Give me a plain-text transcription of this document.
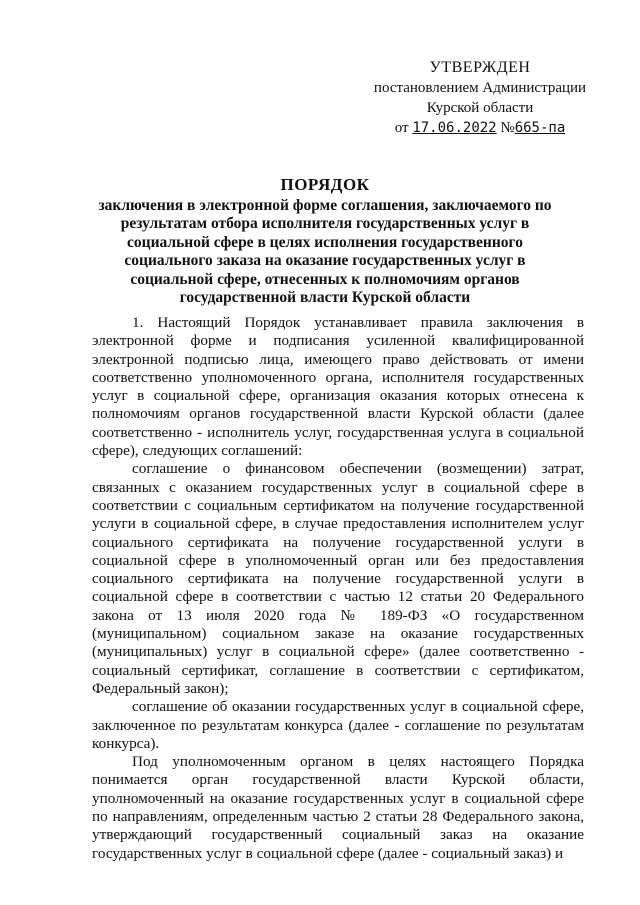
УТВЕРЖДЕН
постановлением Администрации
Курской области
от 17.06.2022 №665-па
ПОРЯДОК
заключения в электронной форме соглашения, заключаемого по результатам отбора исполнителя государственных услуг в социальной сфере в целях исполнения государственного социального заказа на оказание государственных услуг в социальной сфере, отнесенных к полномочиям органов государственной власти Курской области

1. Настоящий Порядок устанавливает правила заключения в электронной форме и подписания усиленной квалифицированной электронной подписью лица, имеющего право действовать от имени соответственно уполномоченного органа, исполнителя государственных услуг в социальной сфере, организация оказания которых отнесена к полномочиям органов государственной власти Курской области (далее соответственно - исполнитель услуг, государственная услуга в социальной сфере), следующих соглашений:

соглашение о финансовом обеспечении (возмещении) затрат, связанных с оказанием государственных услуг в социальной сфере в соответствии с социальным сертификатом на получение государственной услуги в социальной сфере, в случае предоставления исполнителем услуг социального сертификата на получение государственной услуги в социальной сфере в уполномоченный орган или без предоставления социального сертификата на получение государственной услуги в социальной сфере в соответствии с частью 12 статьи 20 Федерального закона от 13 июля 2020 года № 189-ФЗ «О государственном (муниципальном) социальном заказе на оказание государственных (муниципальных) услуг в социальной сфере» (далее соответственно - социальный сертификат, соглашение в соответствии с сертификатом, Федеральный закон);

соглашение об оказании государственных услуг в социальной сфере, заключенное по результатам конкурса (далее - соглашение по результатам конкурса).

Под уполномоченным органом в целях настоящего Порядка понимается орган государственной власти Курской области, уполномоченный на оказание государственных услуг в социальной сфере по направлениям, определенным частью 2 статьи 28 Федерального закона, утверждающий государственный социальный заказ на оказание государственных услуг в социальной сфере (далее - социальный заказ) и
